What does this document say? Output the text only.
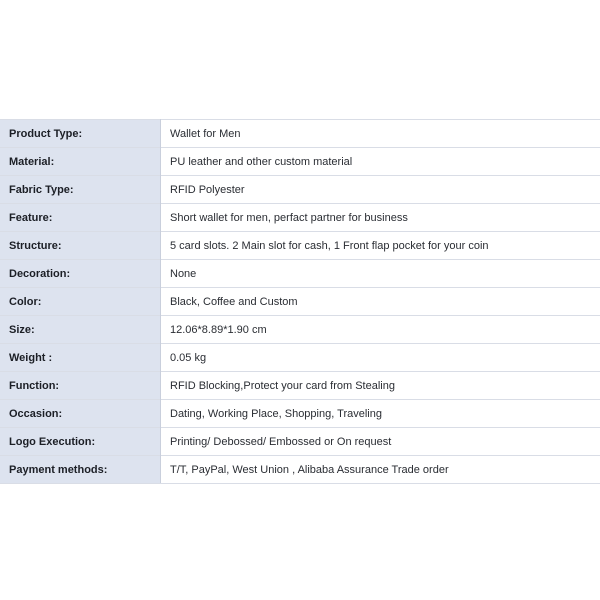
Product Type:	Wallet for Men
Material:	PU leather and other custom material
Fabric Type:	RFID Polyester
Feature:	Short wallet for men, perfact partner for business
Structure:	5 card slots. 2 Main slot for cash, 1 Front flap pocket for your coin
Decoration:	None
Color:	Black, Coffee and Custom
Size:	12.06*8.89*1.90 cm
Weight :	0.05 kg
Function:	RFID Blocking,Protect your card from Stealing
Occasion:	Dating, Working Place, Shopping, Traveling
Logo Execution:	Printing/ Debossed/ Embossed or On request
Payment methods:	T/T, PayPal, West Union , Alibaba Assurance Trade order
